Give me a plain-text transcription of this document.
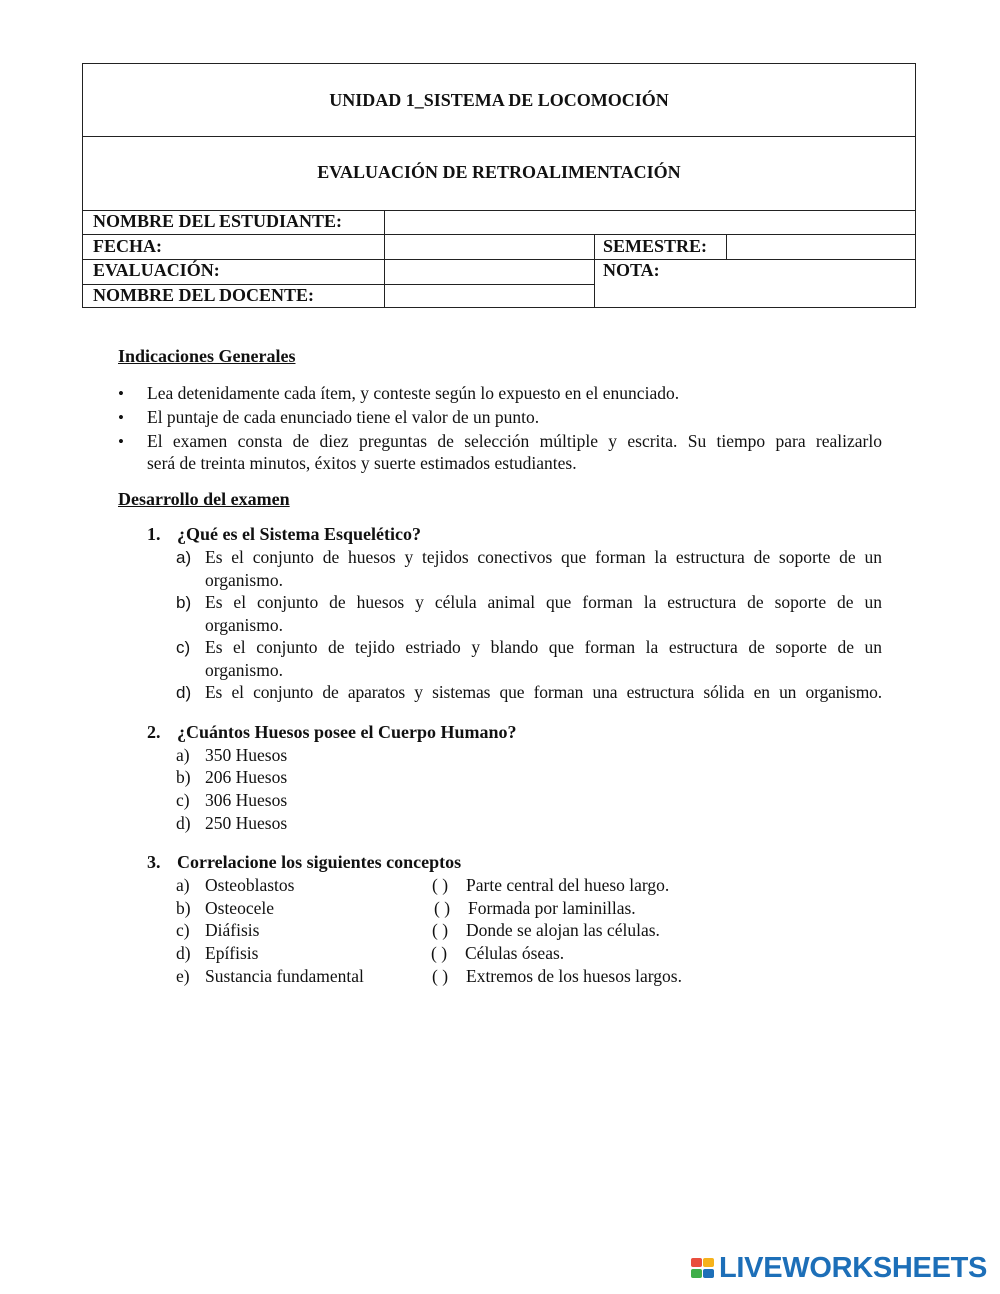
UNIDAD 1_SISTEMA DE LOCOMOCIÓN
EVALUACIÓN DE RETROALIMENTACIÓN
NOMBRE DEL ESTUDIANTE:
FECHA:	SEMESTRE:
EVALUACIÓN:	NOTA:
NOMBRE DEL DOCENTE:
Indicaciones Generales
• Lea detenidamente cada ítem, y conteste según lo expuesto en el enunciado.
• El puntaje de cada enunciado tiene el valor de un punto.
• El examen consta de diez preguntas de selección múltiple y escrita. Su tiempo para realizarlo
será de treinta minutos, éxitos y suerte estimados estudiantes.
Desarrollo del examen
1. ¿Qué es el Sistema Esquelético?
a) Es el conjunto de huesos y tejidos conectivos que forman la estructura de soporte de un
organismo.
b) Es el conjunto de huesos y célula animal que forman la estructura de soporte de un
organismo.
c) Es el conjunto de tejido estriado y blando que forman la estructura de soporte de un
organismo.
d) Es el conjunto de aparatos y sistemas que forman una estructura sólida en un organismo.
2. ¿Cuántos Huesos posee el Cuerpo Humano?
a) 350 Huesos
b) 206 Huesos
c) 306 Huesos
d) 250 Huesos
3. Correlacione los siguientes conceptos
a) Osteoblastos	( ) Parte central del hueso largo.
b) Osteocele	( ) Formada por laminillas.
c) Diáfisis	( ) Donde se alojan las células.
d) Epífisis	( ) Células óseas.
e) Sustancia fundamental	( ) Extremos de los huesos largos.
LIVEWORKSHEETS
